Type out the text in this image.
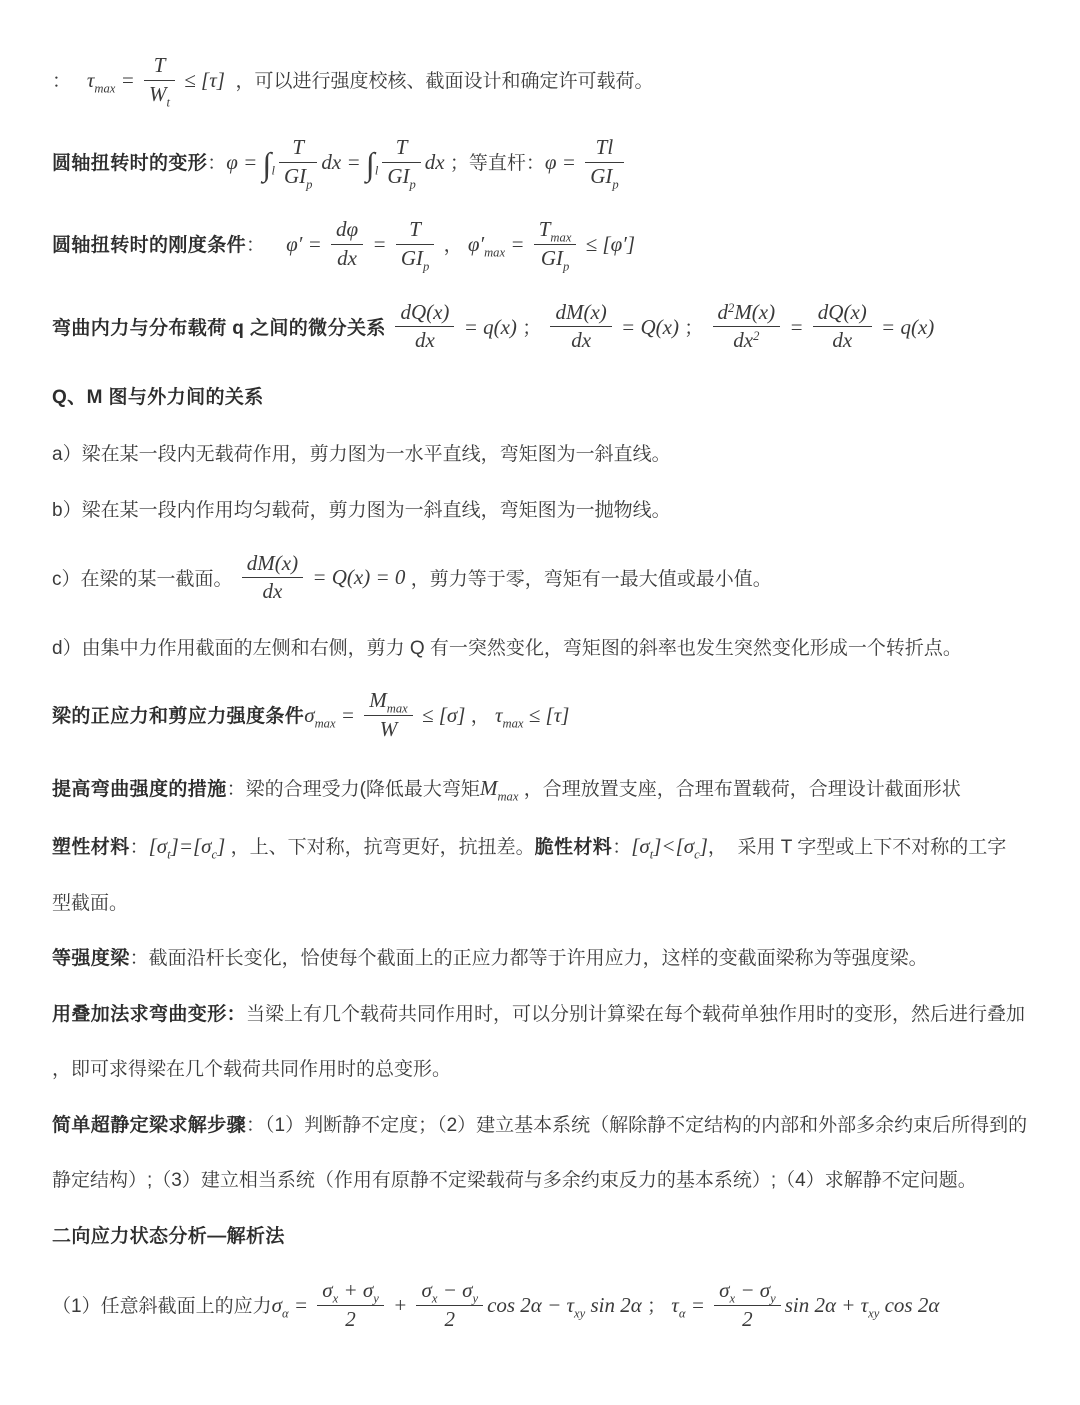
：   $\tau_{max} = \frac{T}{W_t} \le [\tau]$  ，可以进行强度校核、截面设计和确定许可载荷。
圆轴扭转时的变形：$\varphi = \int_l \frac{T}{GI_p}$ dx = $\int_l \frac{T}{GI_p}$ dx ；等直杆：$\varphi = \frac{Tl}{GI_p}$
圆轴扭转时的刚度条件：    $\varphi' = \frac{d\varphi}{dx} = \frac{T}{GI_p}$ ， $\varphi'_{max} = \frac{T_{max}}{GI_p} \le [\varphi']$
弯曲内力与分布载荷 q 之间的微分关系 $\frac{dQ(x)}{dx} = q(x)$ ； $\frac{dM(x)}{dx} = Q(x)$ ； $\frac{d^2M(x)}{dx^2} = \frac{dQ(x)}{dx} = q(x)$
Q、M 图与外力间的关系
a）梁在某一段内无载荷作用，剪力图为一水平直线，弯矩图为一斜直线。
b）梁在某一段内作用均匀载荷，剪力图为一斜直线，弯矩图为一抛物线。
c）在梁的某一截面。 $\frac{dM(x)}{dx} = Q(x) = 0$ ，剪力等于零，弯矩有一最大值或最小值。
d）由集中力作用截面的左侧和右侧，剪力 Q 有一突然变化，弯矩图的斜率也发生突然变化形成一个转折点。
梁的正应力和剪应力强度条件$\sigma_{max} = \frac{M_{max}}{W} \le [\sigma]$ ， $\tau_{max} \le [\tau]$
提高弯曲强度的措施：梁的合理受力(降低最大弯矩$M_{max}$ ，合理放置支座，合理布置载荷，合理设计截面形状
塑性材料：$[\sigma_t]=[\sigma_c]$ ，上、下对称，抗弯更好，抗扭差。脆性材料：$[\sigma_t]<[\sigma_c]$，  采用 T 字型或上下不对称的工字
型截面。
等强度梁：截面沿杆长变化，恰使每个截面上的正应力都等于许用应力，这样的变截面梁称为等强度梁。
用叠加法求弯曲变形：当梁上有几个载荷共同作用时，可以分别计算梁在每个载荷单独作用时的变形，然后进行叠加
，即可求得梁在几个载荷共同作用时的总变形。
简单超静定梁求解步骤：（1）判断静不定度；（2）建立基本系统（解除静不定结构的内部和外部多余约束后所得到的
静定结构）;（3）建立相当系统（作用有原静不定梁载荷与多余约束反力的基本系统）;（4）求解静不定问题。
二向应力状态分析—解析法
（1）任意斜截面上的应力$\sigma_\alpha = \frac{\sigma_x + \sigma_y}{2} + \frac{\sigma_x - \sigma_y}{2}$ $\cos 2\alpha - \tau_{xy}$ sin 2α ； $\tau_\alpha = \frac{\sigma_x - \sigma_y}{2}$ $\sin 2\alpha + \tau_{xy}$ cos 2α
